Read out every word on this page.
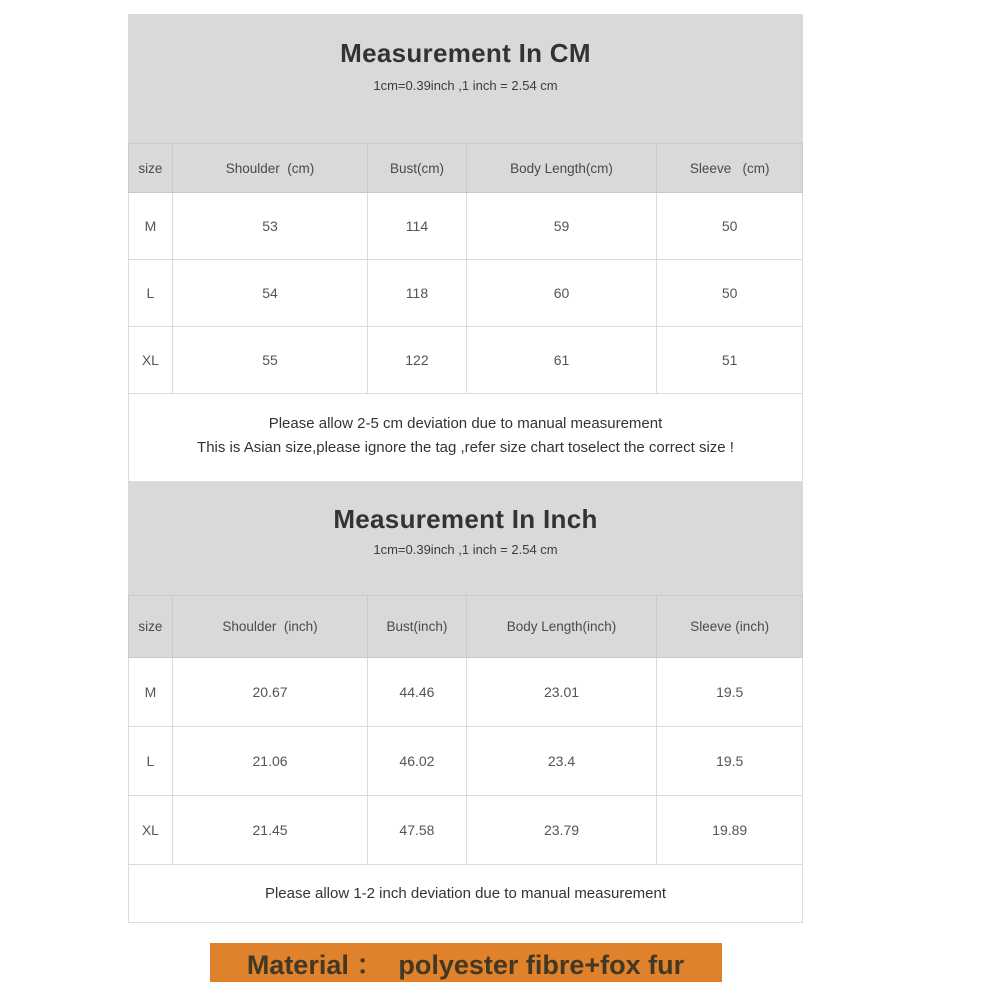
Measurement In CM
1cm=0.39inch ,1 inch = 2.54 cm
size	Shoulder  (cm)	Bust(cm)	Body Length(cm)	Sleeve   (cm)
M	53	114	59	50
L	54	118	60	50
XL	55	122	61	51
Please allow 2-5 cm deviation due to manual measurement
This is Asian size,please ignore the tag ,refer size chart toselect the correct size !
Measurement In Inch
1cm=0.39inch ,1 inch = 2.54 cm
size	Shoulder  (inch)	Bust(inch)	Body Length(inch)	Sleeve (inch)
M	20.67	44.46	23.01	19.5
L	21.06	46.02	23.4	19.5
XL	21.45	47.58	23.79	19.89
Please allow 1-2 inch deviation due to manual measurement
Material ：  polyester fibre+fox fur
